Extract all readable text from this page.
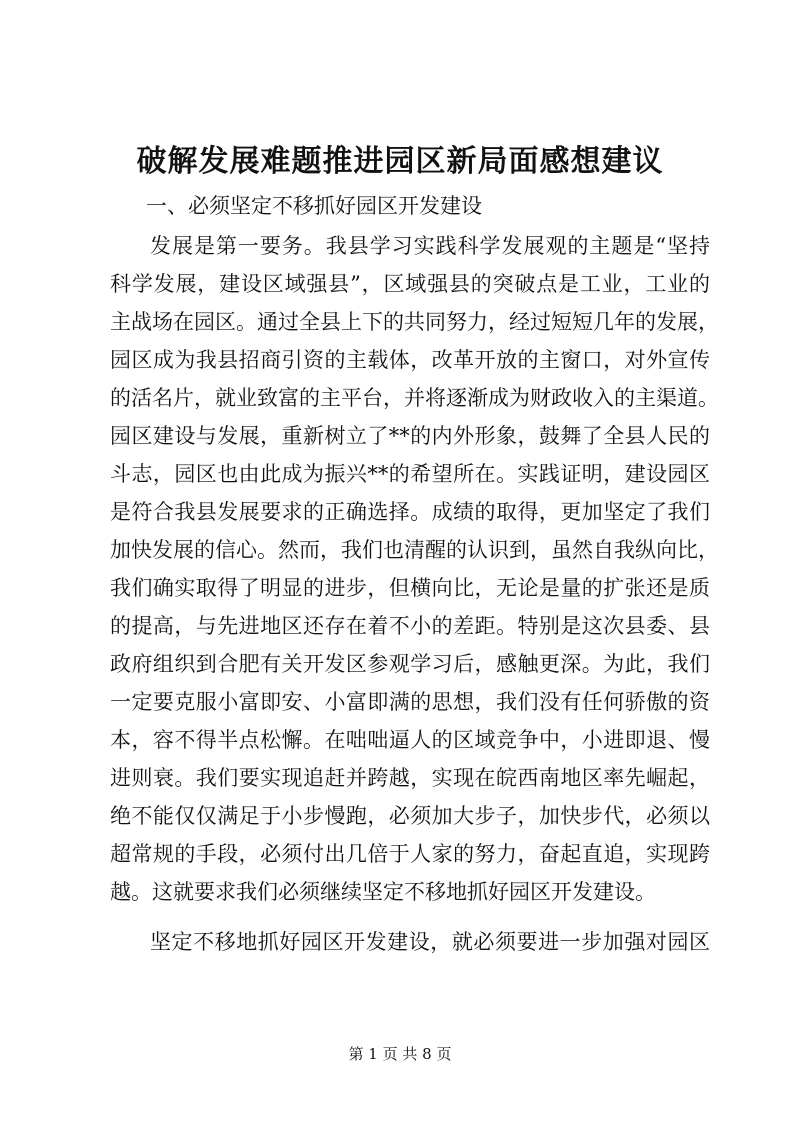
破解发展难题推进园区新局面感想建议

一、必须坚定不移抓好园区开发建设

发展是第一要务。我县学习实践科学发展观的主题是“坚持

科学发展，建设区域强县”，区域强县的突破点是工业，工业的

主战场在园区。通过全县上下的共同努力，经过短短几年的发展，

园区成为我县招商引资的主载体，改革开放的主窗口，对外宣传

的活名片，就业致富的主平台，并将逐渐成为财政收入的主渠道。

园区建设与发展，重新树立了**的内外形象，鼓舞了全县人民的

斗志，园区也由此成为振兴**的希望所在。实践证明，建设园区

是符合我县发展要求的正确选择。成绩的取得，更加坚定了我们

加快发展的信心。然而，我们也清醒的认识到，虽然自我纵向比，

我们确实取得了明显的进步，但横向比，无论是量的扩张还是质

的提高，与先进地区还存在着不小的差距。特别是这次县委、县

政府组织到合肥有关开发区参观学习后，感触更深。为此，我们

一定要克服小富即安、小富即满的思想，我们没有任何骄傲的资

本，容不得半点松懈。在咄咄逼人的区域竞争中，小进即退、慢

进则衰。我们要实现追赶并跨越，实现在皖西南地区率先崛起，

绝不能仅仅满足于小步慢跑，必须加大步子，加快步代，必须以

超常规的手段，必须付出几倍于人家的努力，奋起直追，实现跨

越。这就要求我们必须继续坚定不移地抓好园区开发建设。

坚定不移地抓好园区开发建设，就必须要进一步加强对园区

第 1 页 共 8 页
